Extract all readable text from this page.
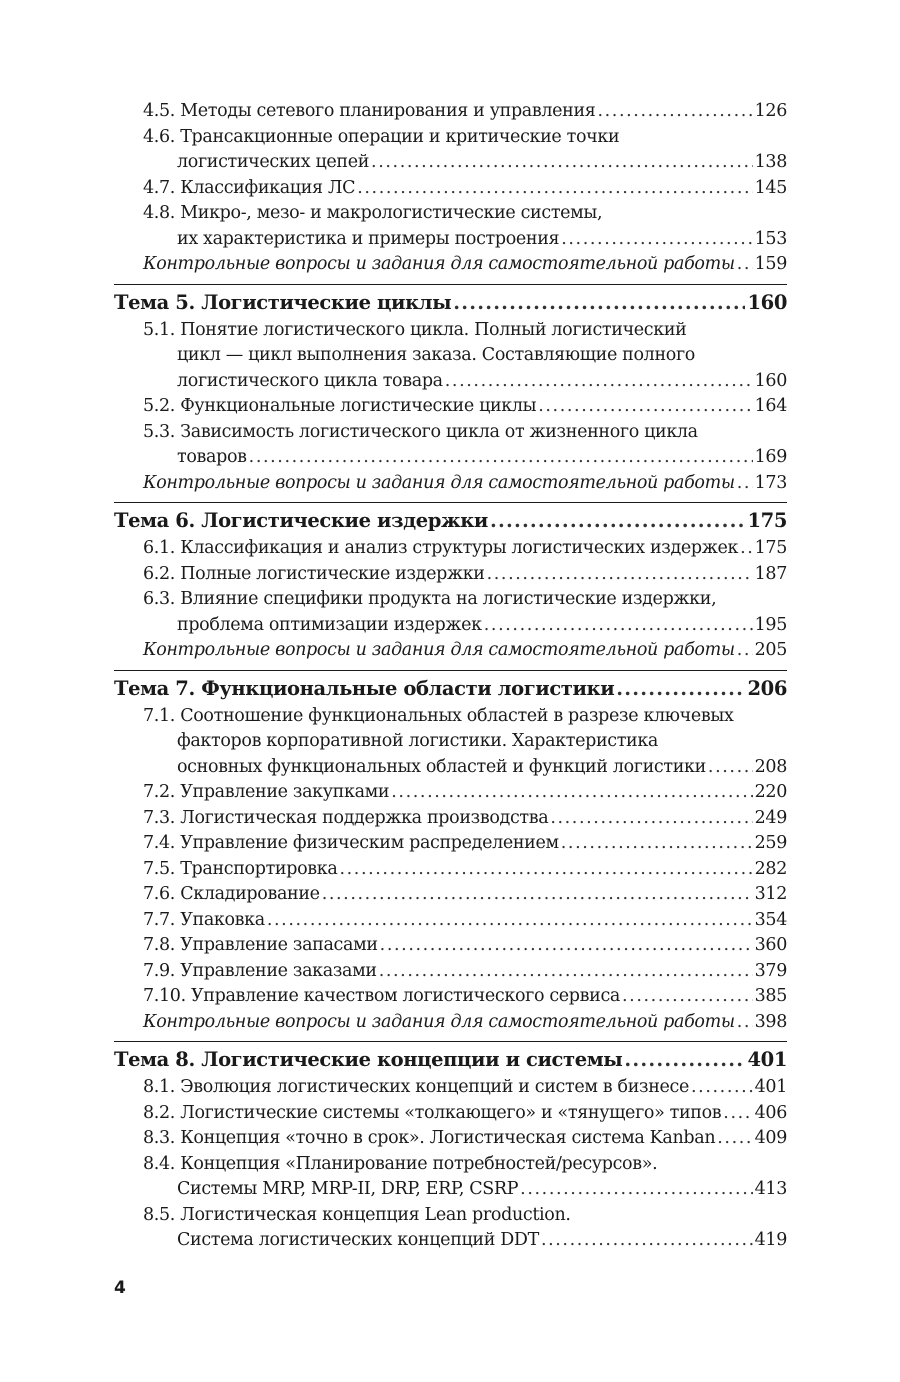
4.5. Методы сетевого планирования и управления .....	126
4.6. Трансакционные операции и критические точки
логистических цепей .....	138
4.7. Классификация ЛС .....	145
4.8. Микро-, мезо- и макрологистические системы,
их характеристика и примеры построения .....	153
Контрольные вопросы и задания для самостоятельной работы ..... 159
Тема 5. Логистические циклы .....	160
5.1. Понятие логистического цикла. Полный логистический
цикл — цикл выполнения заказа. Составляющие полного
логистического цикла товара .....	160
5.2. Функциональные логистические циклы .....	164
5.3. Зависимость логистического цикла от жизненного цикла
товаров .....	169
Контрольные вопросы и задания для самостоятельной работы ..... 173
Тема 6. Логистические издержки .....	175
6.1. Классификация и анализ структуры логистических издержек ..... 175
6.2. Полные логистические издержки .....	187
6.3. Влияние специфики продукта на логистические издержки,
проблема оптимизации издержек .....	195
Контрольные вопросы и задания для самостоятельной работы ..... 205
Тема 7. Функциональные области логистики .....	206
7.1. Соотношение функциональных областей в разрезе ключевых
факторов корпоративной логистики. Характеристика
основных функциональных областей и функций логистики .....	208
7.2. Управление закупками .....	220
7.3. Логистическая поддержка производства .....	249
7.4. Управление физическим распределением .....	259
7.5. Транспортировка .....	282
7.6. Складирование .....	312
7.7. Упаковка .....	354
7.8. Управление запасами .....	360
7.9. Управление заказами .....	379
7.10. Управление качеством логистического сервиса .....	385
Контрольные вопросы и задания для самостоятельной работы ..... 398
Тема 8. Логистические концепции и системы .....	401
8.1. Эволюция логистических концепций и систем в бизнесе .....	401
8.2. Логистические системы «толкающего» и «тянущего» типов ..... 406
8.3. Концепция «точно в срок». Логистическая система Kanban ..... 409
8.4. Концепция «Планирование потребностей/ресурсов».
Системы MRP, MRP-II, DRP, ERP, CSRP .....	413
8.5. Логистическая концепция Lean production.
Система логистических концепций DDT .....	419
4
